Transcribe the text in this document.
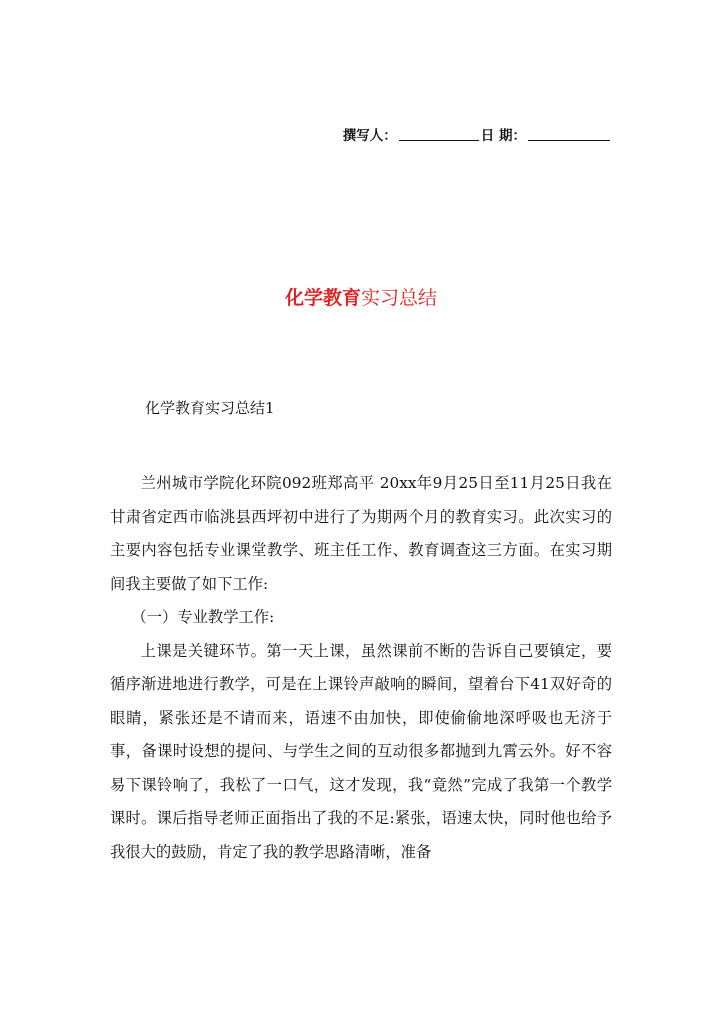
撰写人：	日 期：
化学教育实习总结
化学教育实习总结1

兰州城市学院化环院092班郑高平 20xx年9月25日至11月25日我在甘肃省定西市临洮县西坪初中进行了为期两个月的教育实习。此次实习的主要内容包括专业课堂教学、班主任工作、教育调查这三方面。在实习期间我主要做了如下工作:

（一）专业教学工作:

上课是关键环节。第一天上课，虽然课前不断的告诉自己要镇定，要循序渐进地进行教学，可是在上课铃声敲响的瞬间，望着台下41双好奇的眼睛，紧张还是不请而来，语速不由加快，即使偷偷地深呼吸也无济于事，备课时设想的提问、与学生之间的互动很多都抛到九霄云外。好不容易下课铃响了，我松了一口气，这才发现，我“竟然”完成了我第一个教学课时。课后指导老师正面指出了我的不足:紧张，语速太快，同时他也给予我很大的鼓励，肯定了我的教学思路清晰，准备
